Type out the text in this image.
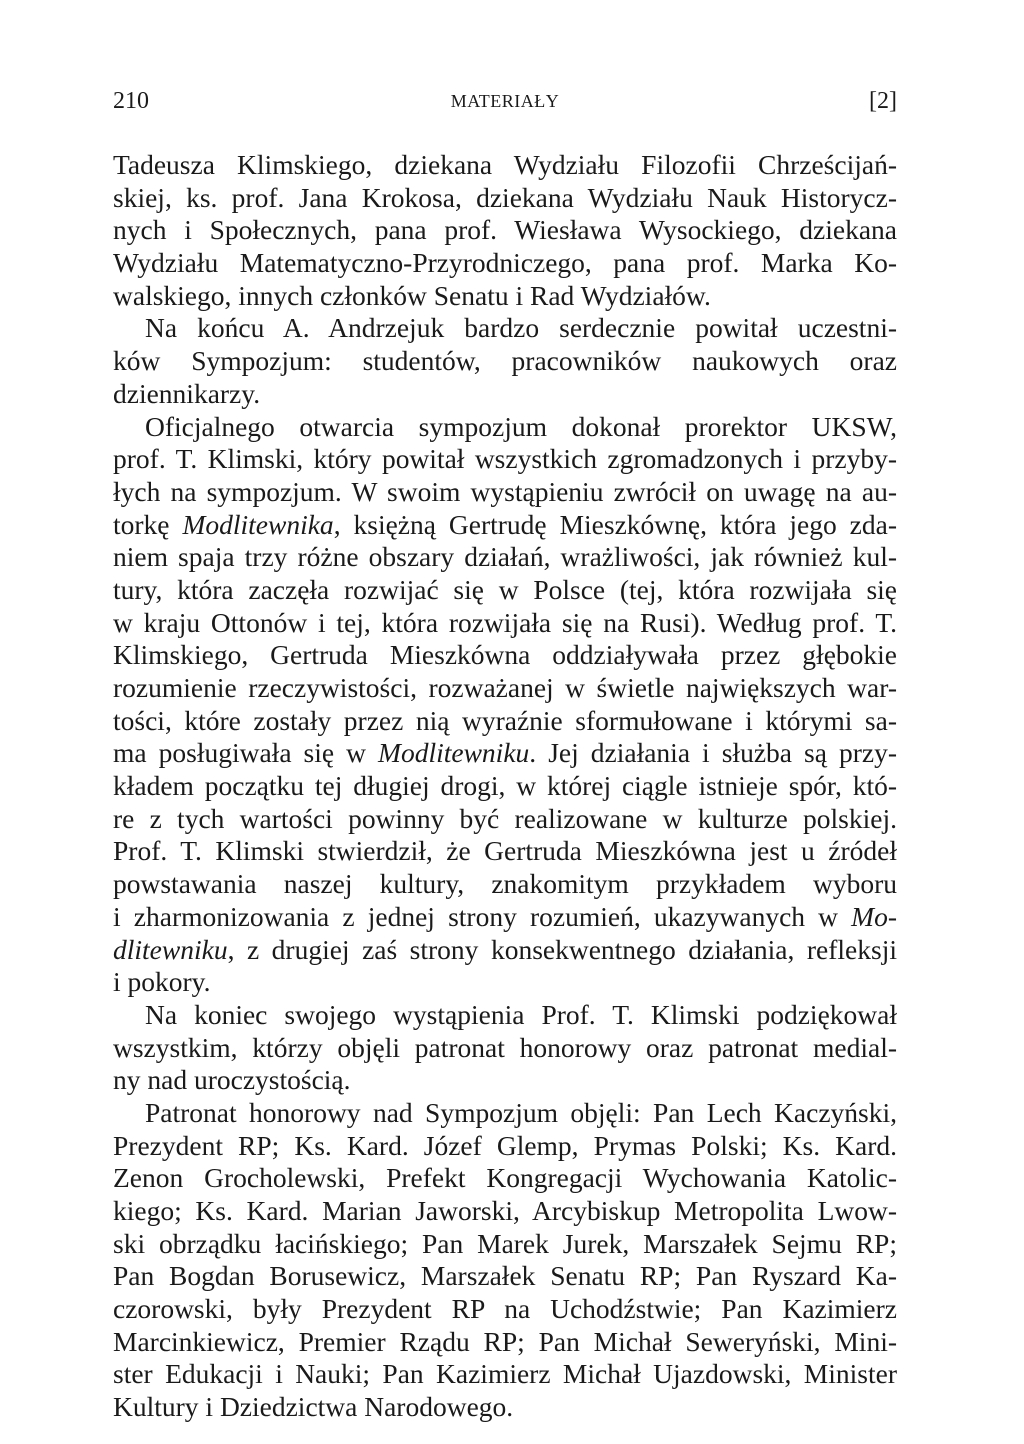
210	MATERIAŁY	[2]
Tadeusza Klimskiego, dziekana Wydziału Filozofii Chrześcijań-
skiej, ks. prof. Jana Krokosa, dziekana Wydziału Nauk Historycz-
nych i Społecznych, pana prof. Wiesława Wysockiego, dziekana
Wydziału Matematyczno-Przyrodniczego, pana prof. Marka Ko-
walskiego, innych członków Senatu i Rad Wydziałów.
Na końcu A. Andrzejuk bardzo serdecznie powitał uczestni-
ków Sympozjum: studentów, pracowników naukowych oraz
dziennikarzy.
Oficjalnego otwarcia sympozjum dokonał prorektor UKSW,
prof. T. Klimski, który powitał wszystkich zgromadzonych i przyby-
łych na sympozjum. W swoim wystąpieniu zwrócił on uwagę na au-
torkę Modlitewnika, księżną Gertrudę Mieszkównę, która jego zda-
niem spaja trzy różne obszary działań, wrażliwości, jak również kul-
tury, która zaczęła rozwijać się w Polsce (tej, która rozwijała się
w kraju Ottonów i tej, która rozwijała się na Rusi). Według prof. T.
Klimskiego, Gertruda Mieszkówna oddziaływała przez głębokie
rozumienie rzeczywistości, rozważanej w świetle największych war-
tości, które zostały przez nią wyraźnie sformułowane i którymi sa-
ma posługiwała się w Modlitewniku. Jej działania i służba są przy-
kładem początku tej długiej drogi, w której ciągle istnieje spór, któ-
re z tych wartości powinny być realizowane w kulturze polskiej.
Prof. T. Klimski stwierdził, że Gertruda Mieszkówna jest u źródeł
powstawania naszej kultury, znakomitym przykładem wyboru
i zharmonizowania z jednej strony rozumień, ukazywanych w Mo-
dlitewniku, z drugiej zaś strony konsekwentnego działania, refleksji
i pokory.
Na koniec swojego wystąpienia Prof. T. Klimski podziękował
wszystkim, którzy objęli patronat honorowy oraz patronat medial-
ny nad uroczystością.
Patronat honorowy nad Sympozjum objęli: Pan Lech Kaczyński,
Prezydent RP; Ks. Kard. Józef Glemp, Prymas Polski; Ks. Kard.
Zenon Grocholewski, Prefekt Kongregacji Wychowania Katolic-
kiego; Ks. Kard. Marian Jaworski, Arcybiskup Metropolita Lwow-
ski obrządku łacińskiego; Pan Marek Jurek, Marszałek Sejmu RP;
Pan Bogdan Borusewicz, Marszałek Senatu RP; Pan Ryszard Ka-
czorowski, były Prezydent RP na Uchodźstwie; Pan Kazimierz
Marcinkiewicz, Premier Rządu RP; Pan Michał Seweryński, Mini-
ster Edukacji i Nauki; Pan Kazimierz Michał Ujazdowski, Minister
Kultury i Dziedzictwa Narodowego.
